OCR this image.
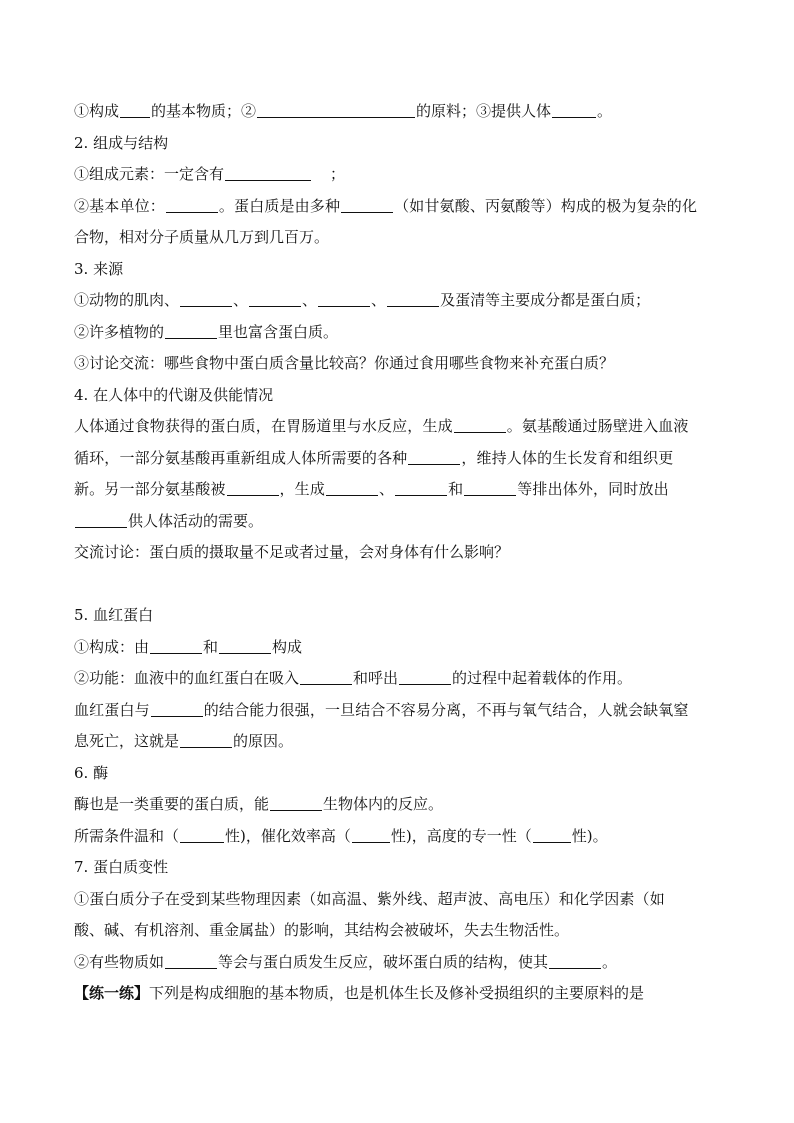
①构成 的基本物质；②	的原料；③提供人体	。
2. 组成与结构
①组成元素：一定含有	；
②基本单位：	。蛋白质是由多种	（如甘氨酸、丙氨酸等）构成的极为复杂的化
合物，相对分子质量从几万到几百万。
3. 来源
①动物的肌肉、	、	、	、	及蛋清等主要成分都是蛋白质；
②许多植物的	里也富含蛋白质。
③讨论交流：哪些食物中蛋白质含量比较高？你通过食用哪些食物来补充蛋白质？
4. 在人体中的代谢及供能情况
人体通过食物获得的蛋白质，在胃肠道里与水反应，生成	。氨基酸通过肠壁进入血液
循环，一部分氨基酸再重新组成人体所需要的各种	，维持人体的生长发育和组织更
新。另一部分氨基酸被	，生成	、	和	等排出体外，同时放出
供人体活动的需要。
交流讨论：蛋白质的摄取量不足或者过量，会对身体有什么影响？
5. 血红蛋白
①构成：由	和	构成
②功能：血液中的血红蛋白在吸入	和呼出	的过程中起着载体的作用。
血红蛋白与	的结合能力很强，一旦结合不容易分离，不再与氧气结合，人就会缺氧窒
息死亡，这就是	的原因。
6. 酶
酶也是一类重要的蛋白质，能	生物体内的反应。
所需条件温和（	性)，催化效率高（	性)，高度的专一性（	性)。
7. 蛋白质变性
①蛋白质分子在受到某些物理因素（如高温、紫外线、超声波、高电压）和化学因素（如
酸、碱、有机溶剂、重金属盐）的影响，其结构会被破坏，失去生物活性。
②有些物质如	等会与蛋白质发生反应，破坏蛋白质的结构，使其	。
【练一练】下列是构成细胞的基本物质，也是机体生长及修补受损组织的主要原料的是
